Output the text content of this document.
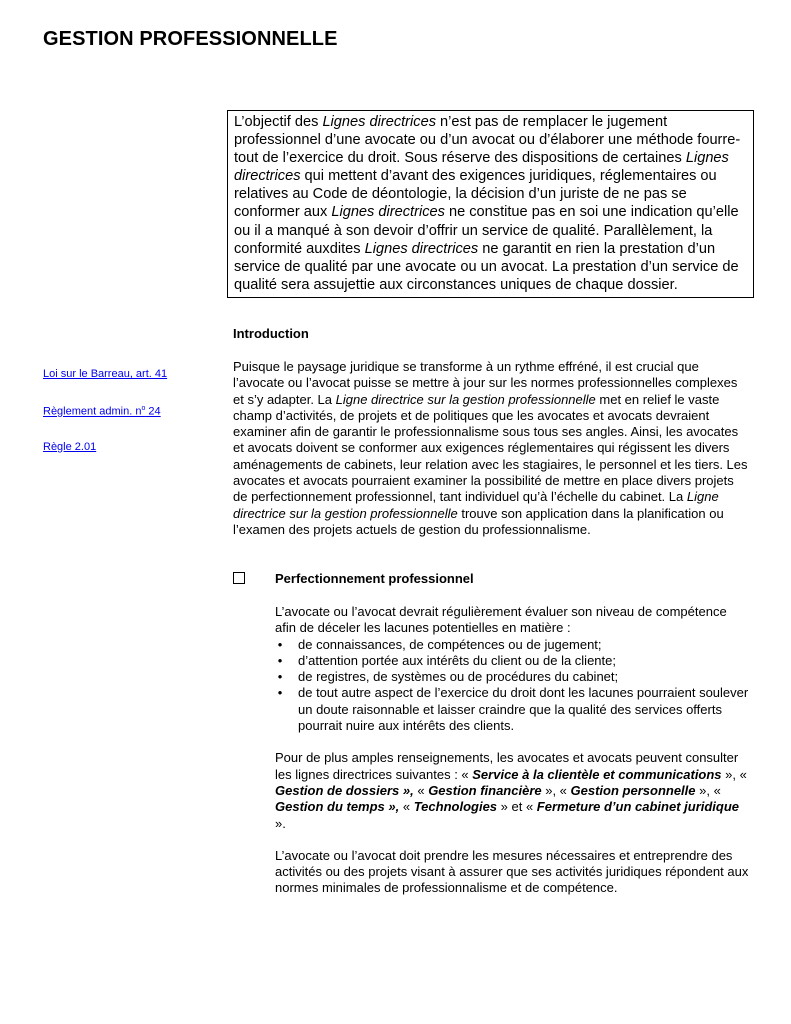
GESTION PROFESSIONNELLE

L’objectif des Lignes directrices n’est pas de remplacer le jugement professionnel d’une avocate ou d’un avocat ou d’élaborer une méthode fourre-tout de l’exercice du droit. Sous réserve des dispositions de certaines Lignes directrices qui mettent d’avant des exigences juridiques, réglementaires ou relatives au Code de déontologie, la décision d’un juriste de ne pas se conformer aux Lignes directrices ne constitue pas en soi une indication qu’elle ou il a manqué à son devoir d’offrir un service de qualité. Parallèlement, la conformité auxdites Lignes directrices ne garantit en rien la prestation d’un service de qualité par une avocate ou un avocat. La prestation d’un service de qualité sera assujettie aux circonstances uniques de chaque dossier.

Introduction
Loi sur le Barreau, art. 41
Règlement admin. n$^o$ 24
Règle 2.01

Puisque le paysage juridique se transforme à un rythme effréné, il est crucial que l’avocate ou l’avocat puisse se mettre à jour sur les normes professionnelles complexes et s’y adapter. La Ligne directrice sur la gestion professionnelle met en relief le vaste champ d’activités, de projets et de politiques que les avocates et avocats devraient examiner afin de garantir le professionnalisme sous tous ses angles. Ainsi, les avocates et avocats doivent se conformer aux exigences réglementaires qui régissent les divers aménagements de cabinets, leur relation avec les stagiaires, le personnel et les tiers. Les avocates et avocats pourraient examiner la possibilité de mettre en place divers projets de perfectionnement professionnel, tant individuel qu’à l’échelle du cabinet. La Ligne directrice sur la gestion professionnelle trouve son application dans la planification ou l’examen des projets actuels de gestion du professionnalisme.

Perfectionnement professionnel

L’avocate ou l’avocat devrait régulièrement évaluer son niveau de compétence afin de déceler les lacunes potentielles en matière :

• de connaissances, de compétences ou de jugement;
• d’attention portée aux intérêts du client ou de la cliente;
• de registres, de systèmes ou de procédures du cabinet;
• de tout autre aspect de l’exercice du droit dont les lacunes pourraient soulever un doute raisonnable et laisser craindre que la qualité des services offerts pourrait nuire aux intérêts des clients.

Pour de plus amples renseignements, les avocates et avocats peuvent consulter les lignes directrices suivantes : « Service à la clientèle et communications », « Gestion de dossiers », « Gestion financière », « Gestion personnelle », « Gestion du temps », « Technologies » et « Fermeture d’un cabinet juridique ».

L’avocate ou l’avocat doit prendre les mesures nécessaires et entreprendre des activités ou des projets visant à assurer que ses activités juridiques répondent aux normes minimales de professionnalisme et de compétence.
